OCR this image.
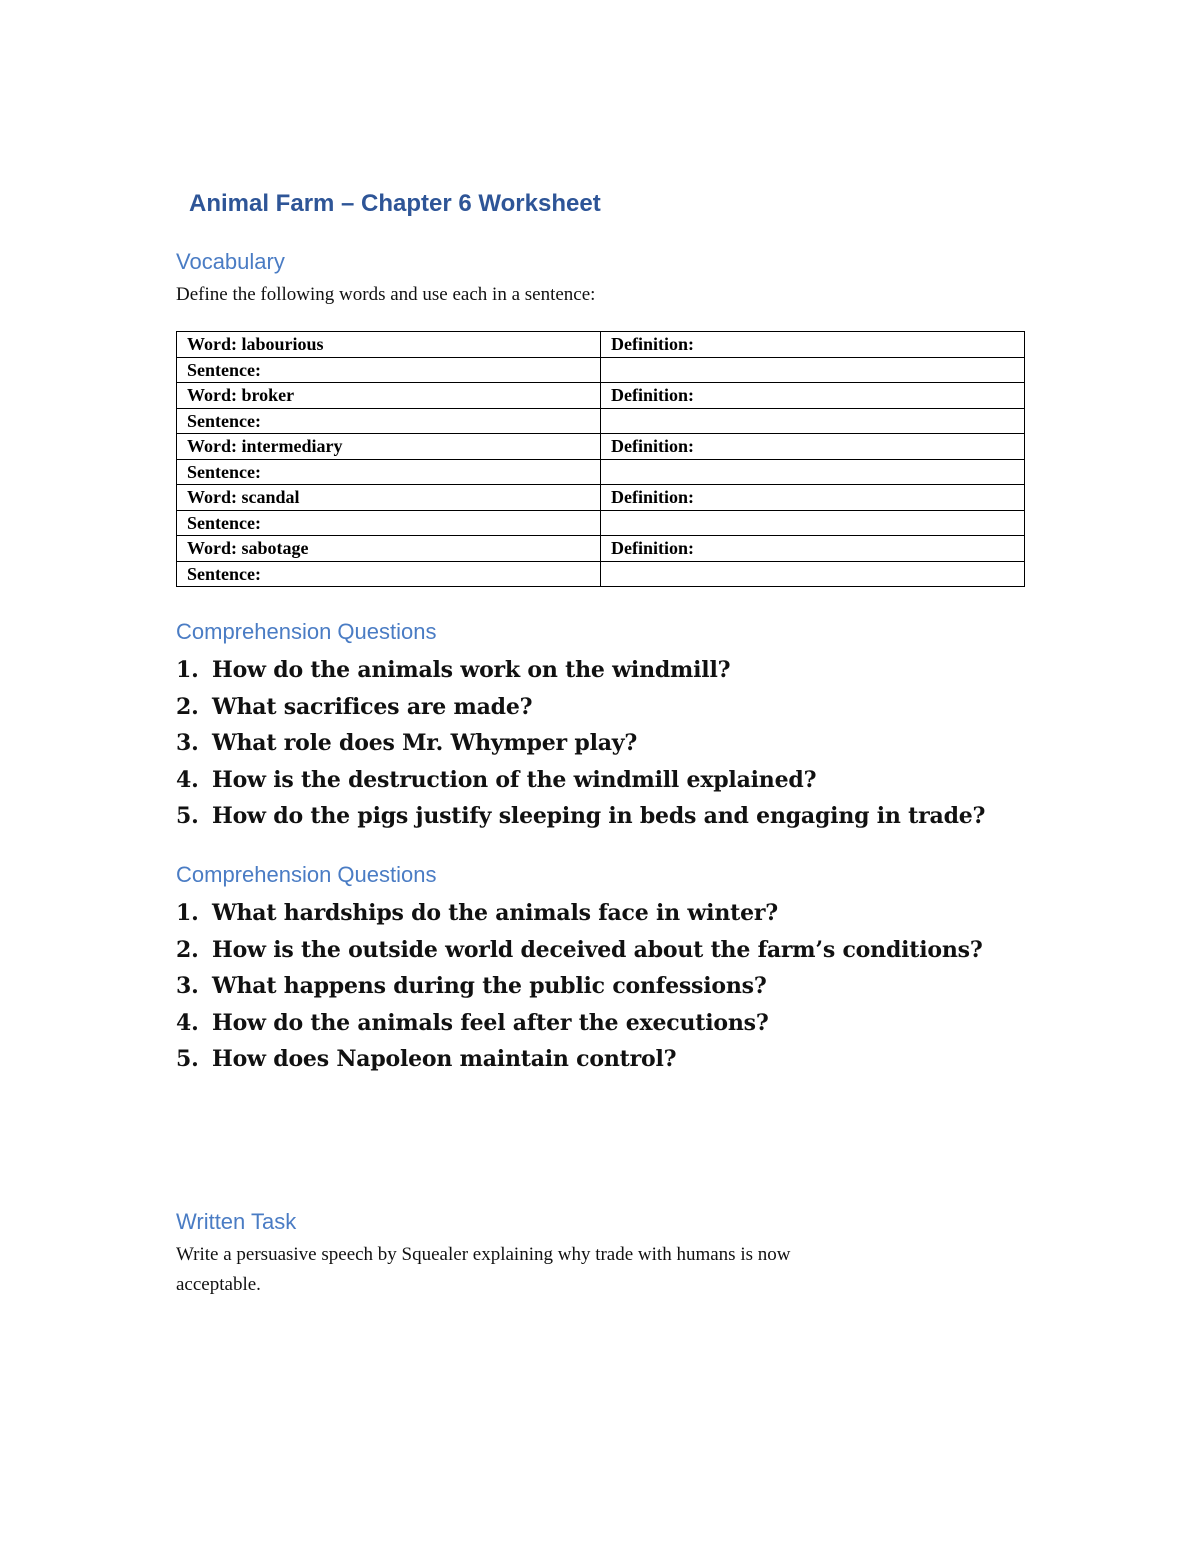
Animal Farm – Chapter 6 Worksheet
Vocabulary
Define the following words and use each in a sentence:
Word: labourious	Definition:
Sentence:	
Word: broker	Definition:
Sentence:	
Word: intermediary	Definition:
Sentence:	
Word: scandal	Definition:
Sentence:	
Word: sabotage	Definition:
Sentence:	
Comprehension Questions
1. How do the animals work on the windmill?
2. What sacrifices are made?
3. What role does Mr. Whymper play?
4. How is the destruction of the windmill explained?
5. How do the pigs justify sleeping in beds and engaging in trade?
Comprehension Questions
1. What hardships do the animals face in winter?
2. How is the outside world deceived about the farm’s conditions?
3. What happens during the public confessions?
4. How do the animals feel after the executions?
5. How does Napoleon maintain control?
Written Task
Write a persuasive speech by Squealer explaining why trade with humans is now
acceptable.
